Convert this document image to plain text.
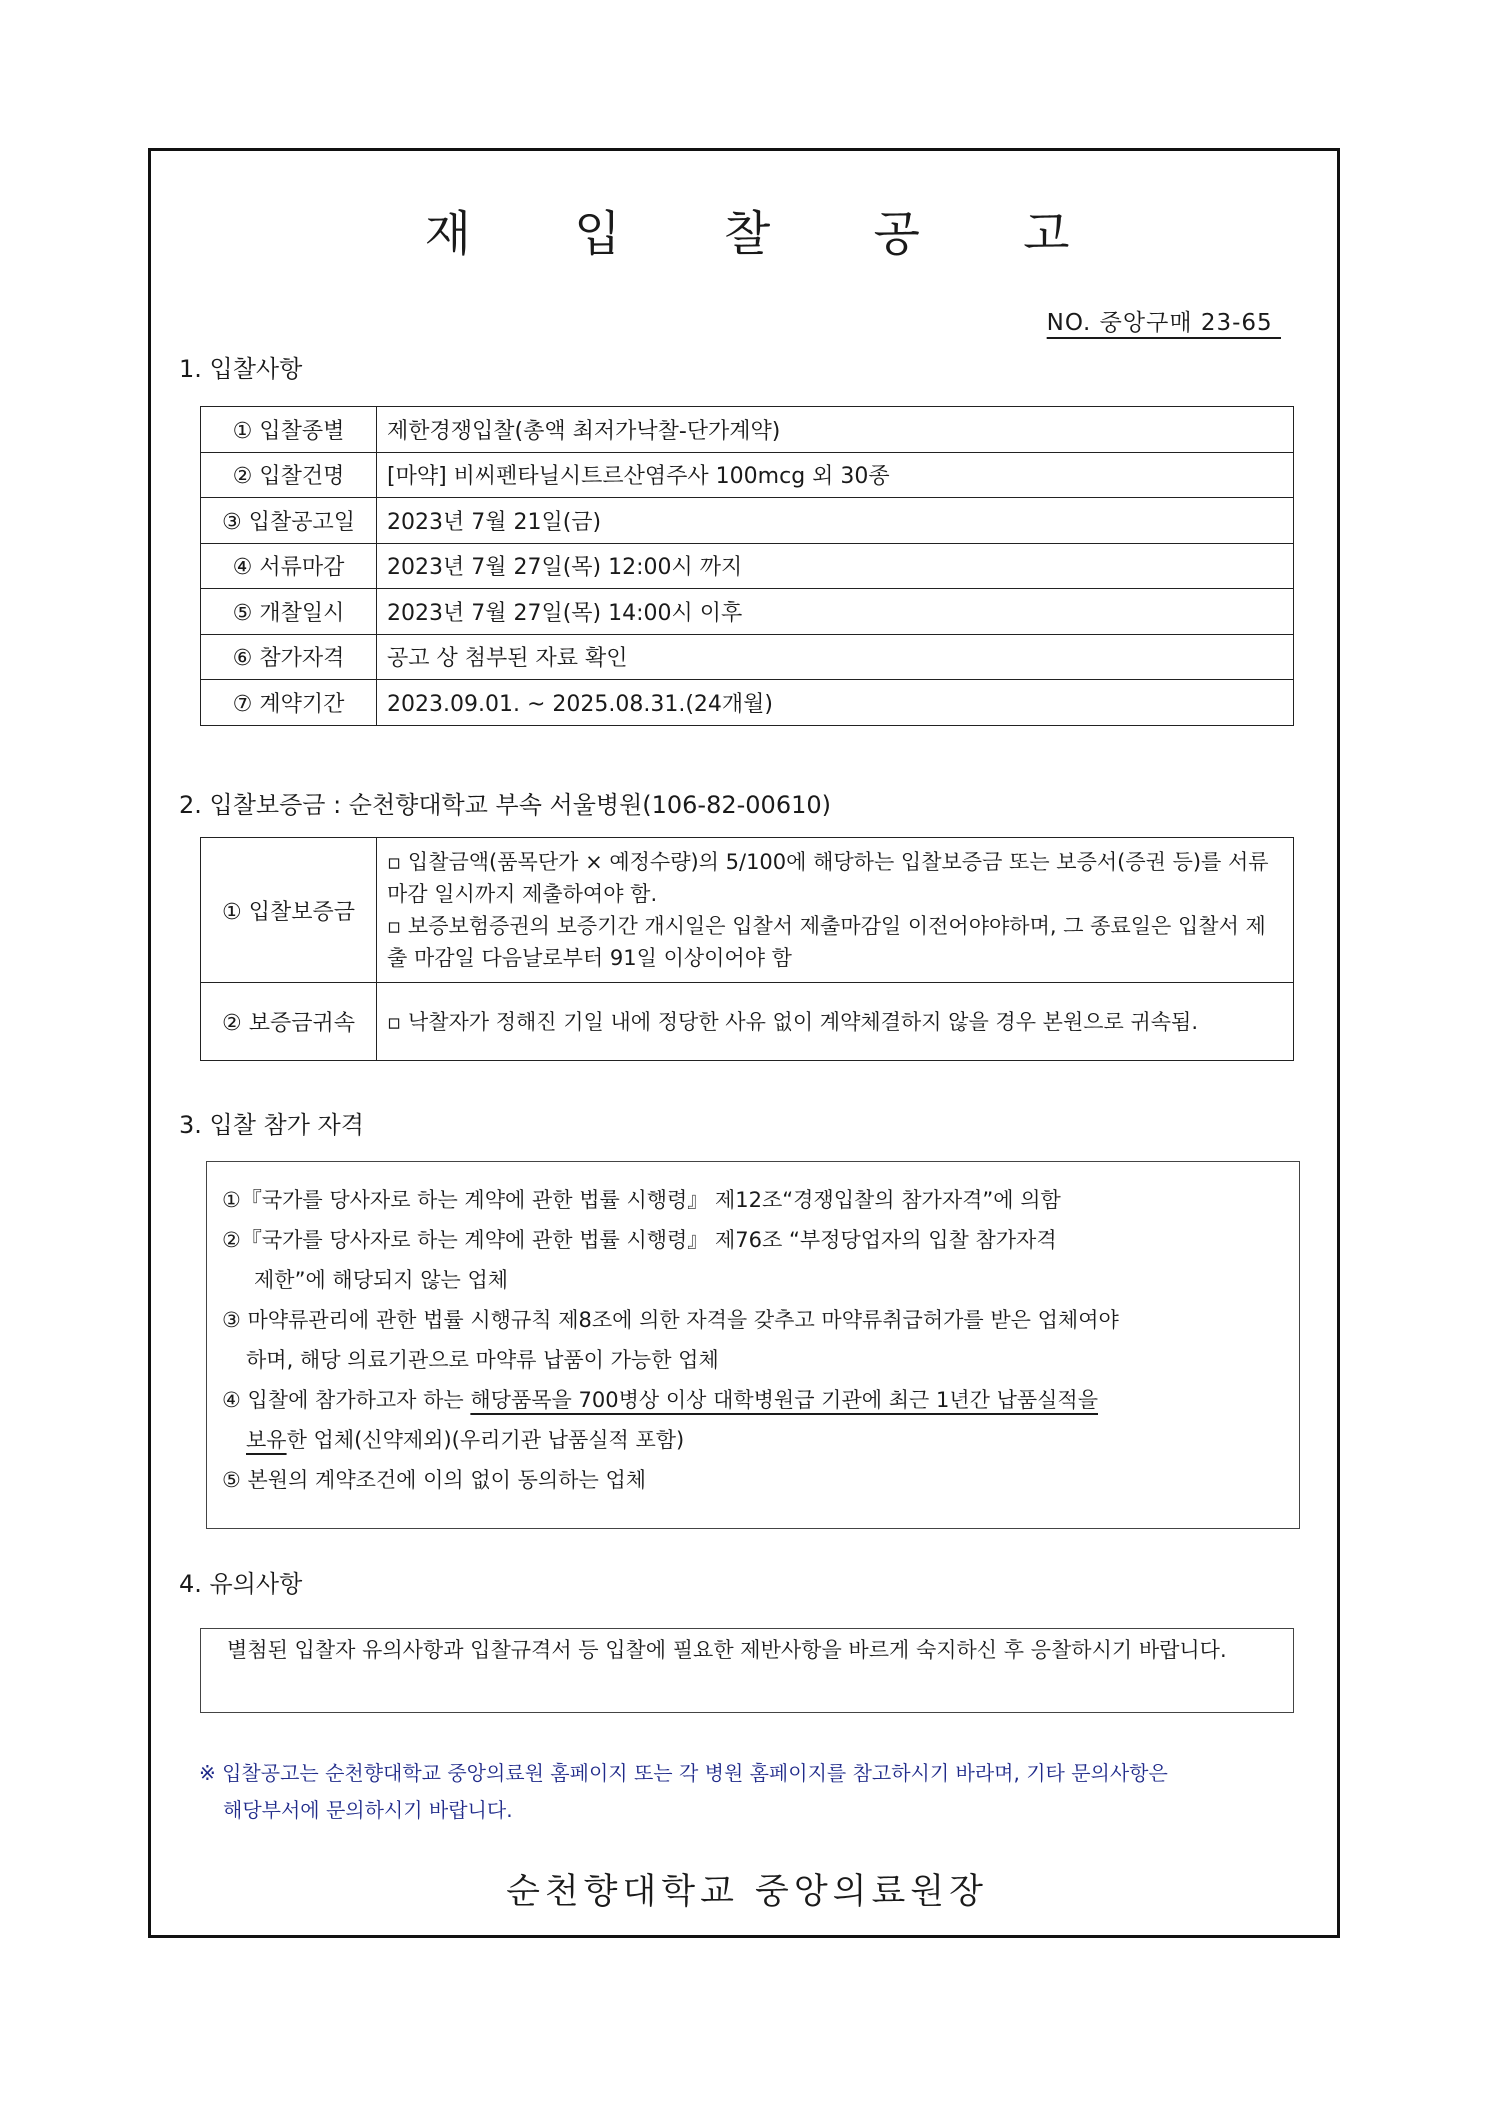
재 입 찰 공 고
NO. 중앙구매 23-65
1. 입찰사항
① 입찰종별	제한경쟁입찰(총액 최저가낙찰-단가계약)
② 입찰건명	[마약] 비씨펜타닐시트르산염주사 100mcg 외 30종
③ 입찰공고일	2023년 7월 21일(금)
④ 서류마감	2023년 7월 27일(목) 12:00시 까지
⑤ 개찰일시	2023년 7월 27일(목) 14:00시 이후
⑥ 참가자격	공고 상 첨부된 자료 확인
⑦ 계약기간	2023.09.01. ~ 2025.08.31.(24개월)
2. 입찰보증금 : 순천향대학교 부속 서울병원(106-82-00610)
① 입찰보증금	▫ 입찰금액(품목단가 × 예정수량)의 5/100에 해당하는 입찰보증금 또는 보증서(증권 등)를 서류마감 일시까지 제출하여야 함.
▫ 보증보험증권의 보증기간 개시일은 입찰서 제출마감일 이전어야야하며, 그 종료일은 입찰서 제출 마감일 다음날로부터 91일 이상이어야 함

② 보증금귀속	▫ 낙찰자가 정해진 기일 내에 정당한 사유 없이 계약체결하지 않을 경우 본원으로 귀속됨.
3. 입찰 참가 자격
①『국가를 당사자로 하는 계약에 관한 법률 시행령』 제12조“경쟁입찰의 참가자격”에 의함
②『국가를 당사자로 하는 계약에 관한 법률 시행령』 제76조 “부정당업자의 입찰 참가자격
제한”에 해당되지 않는 업체
③ 마약류관리에 관한 법률 시행규칙 제8조에 의한 자격을 갖추고 마약류취급허가를 받은 업체여야
하며, 해당 의료기관으로 마약류 납품이 가능한 업체
④ 입찰에 참가하고자 하는 해당품목을 700병상 이상 대학병원급 기관에 최근 1년간 납품실적을
보유한 업체(신약제외)(우리기관 납품실적 포함)
⑤ 본원의 계약조건에 이의 없이 동의하는 업체
4. 유의사항
별첨된 입찰자 유의사항과 입찰규격서 등 입찰에 필요한 제반사항을 바르게 숙지하신 후 응찰하시기 바랍니다.
※ 입찰공고는 순천향대학교 중앙의료원 홈페이지 또는 각 병원 홈페이지를 참고하시기 바라며, 기타 문의사항은
해당부서에 문의하시기 바랍니다.
순천향대학교 중앙의료원장
